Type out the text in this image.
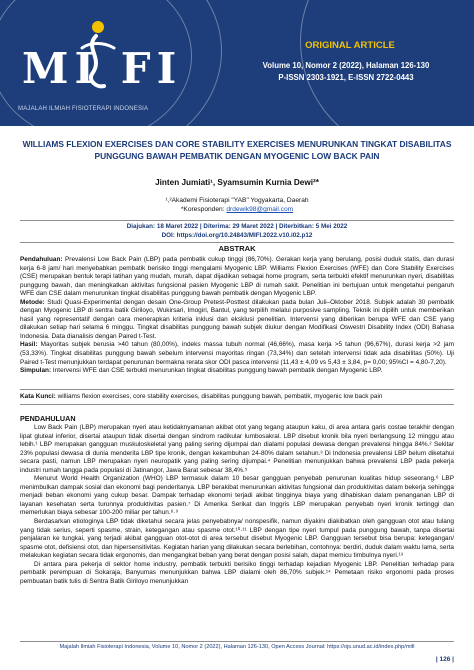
MI FI
MAJALAH ILMIAH FISIOTERAPI INDONESIA
ORIGINAL ARTICLE
Volume 10, Nomor 2 (2022), Halaman 126-130
P-ISSN 2303-1921, E-ISSN 2722-0443
WILLIAMS FLEXION EXERCISES DAN CORE STABILITY EXERCISES MENURUNKAN TINGKAT DISABILITAS PUNGGUNG BAWAH PEMBATIK DENGAN MYOGENIC LOW BACK PAIN
Jinten Jumiati¹, Syamsumin Kurnia Dewi²*
¹,²Akademi Fisioterapi "YAB" Yogyakarta, Daerah
*Koresponden: drdewik98@gmail.com
Diajukan: 18 Maret 2022 | Diterima: 29 Maret 2022 | Diterbitkan: 5 Mei 2022
DOI: https://doi.org/10.24843/MIFI.2022.v10.i02.p12
ABSTRAK

Pendahuluan: Prevalensi Low Back Pain (LBP) pada pembatik cukup tinggi (86,70%). Gerakan kerja yang berulang, posisi duduk statis, dan durasi kerja 6-8 jam/ hari menyebabkan pembatik berisiko tinggi mengalami Myogenic LBP. Williams Flexion Exercises (WFE) dan Core Stability Exercises (CSE) merupakan bentuk terapi latihan yang mudah, murah, dapat dijadikan sebagai home program, serta terbukti efektif menurunkan nyeri, disabilitas punggung bawah, dan meningkatkan aktivitas fungsional pasien Myogenic LBP di rumah sakit. Penelitian ini bertujuan untuk mengetahui pengaruh WFE dan CSE dalam menurunkan tingkat disabilitas punggung bawah pembatik dengan Myogenic LBP.

Metode: Studi Quasi-Experimental dengan desain One-Group Pretest-Posttest dilakukan pada bulan Juli–Oktober 2018. Subjek adalah 30 pembatik dengan Myogenic LBP di sentra batik Giriloyo, Wukirsari, Imogiri, Bantul, yang terpilih melalui purposive sampling. Teknik ini dipilih untuk memberikan hasil yang representatif dengan cara menerapkan kriteria inklusi dan eksklusi penelitian. Intervensi yang diberikan berupa WFE dan CSE yang dilakukan setiap hari selama 6 minggu. Tingkat disabilitas punggung bawah subjek diukur dengan Modifikasi Oswestri Disability Index (ODI) Bahasa Indonesia. Data dianalisis dengan Paired t-Test.

Hasil: Mayoritas subjek berusia >40 tahun (80,00%), indeks massa tubuh normal (46,66%), masa kerja >5 tahun (96,67%), durasi kerja >2 jam (53,33%). Tingkat disabilitas punggung bawah sebelum intervensi mayoritas ringan (73,34%) dan setelah intervensi tidak ada disabilitas (50%). Uji Paired t-Test menunjukkan terdapat penurunan bermakna rerata skor ODI pasca intervensi (11,43 ± 4,09 vs 5,43 ± 3,84, p= 0,00; 95%CI = 4,80-7,20).

Simpulan: Intervensi WFE dan CSE terbukti menurunkan tingkat disabilitas punggung bawah pembatik dengan Myogenic LBP.

Kata Kunci: williams flexion exercises, core stability exercises, disabilitas punggung bawah, pembatik, myogenic low back pain
PENDAHULUAN

Low Back Pain (LBP) merupakan nyeri atau ketidaknyamanan akibat otot yang tegang ataupun kaku, di area antara garis costae terakhir dengan lipat gluteal inferior, disertai ataupun tidak disertai dengan sindrom radikular lumbosakral. LBP disebut kronik bila nyeri berlangsung 12 minggu atau lebih.¹ LBP merupakan gangguan muskuloskeletal yang paling sering dijumpai dan dialami populasi dewasa dengan prevalensi hingga 84%.² Sekitar 23% populasi dewasa di dunia menderita LBP tipe kronik, dengan kekambuhan 24-80% dalam setahun.³ Di Indonesia prevalensi LBP belum diketahui secara pasti, namun LBP merupakan nyeri neuropatik yang paling sering dijumpai.⁴ Penelitian menunjukkan bahwa prevalensi LBP pada pekerja industri rumah tangga pada populasi di Jatinangor, Jawa Barat sebesar 38,4%.⁵

Menurut World Health Organization (WHO) LBP termasuk dalam 10 besar gangguan penyebab penurunan kualitas hidup seseorang.⁶ LBP menimbulkan dampak sosial dan ekonomi bagi penderitanya. LBP berakibat menurunkan aktivitas fungsional dan produktivitas dalam bekerja sehingga menjadi beban ekonomi yang cukup besar. Dampak terhadap ekonomi terjadi akibat tingginya biaya yang dihabiskan dalam penanganan LBP di layanan kesehatan serta turunnya produktivitas pasien.⁷ Di Amerika Serikat dan Inggris LBP merupakan penyebab nyeri kronik tertinggi dan memerlukan biaya sebesar 100-200 miliar per tahun.⁸·⁹

Berdasarkan etiologinya LBP tidak diketahui secara jelas penyebabnya/ nonspesifik, namun diyakini diakibatkan oleh gangguan otot atau tulang yang tidak serius, seperti spasme, strain, ketegangan atau spasme otot.¹⁰·¹¹ LBP dengan tipe nyeri tumpul pada punggung bawah, tanpa disertai penjalaran ke tungkai, yang terjadi akibat gangguan otot-otot di area tersebut disebut Myogenic LBP. Gangguan tersebut bisa berupa: ketegangan/ spasme otot, defisiensi otot, dan hipersensitivitas. Kegiatan harian yang dilakukan secara berlebihan, contohnya: berdiri, duduk dalam waktu lama, serta melakukan kegiatan secara tidak ergonomis, dan mengangkat beban yang berat dengan posisi salah, dapat memicu timbulnya nyeri.¹³

Di antara para pekerja di sektor home industry, pembatik terbukti berisiko tinggi terhadap kejadian Myogenic LBP. Penelitian terhadap para pembatik perempuan di Sokaraja, Banyumas menunjukkan bahwa LBP dialami oleh 86,70% subjek.¹⁴ Pemetaan risiko ergonomi pada proses pembuatan batik tulis di Sentra Batik Giriloyo menunjukkan

Majalah Ilmiah Fisioterapi Indonesia, Volume 10, Nomor 2 (2022), Halaman 126-130, Open Access Journal: https://ojs.unud.ac.id/index.php/mifi
| 126 |
